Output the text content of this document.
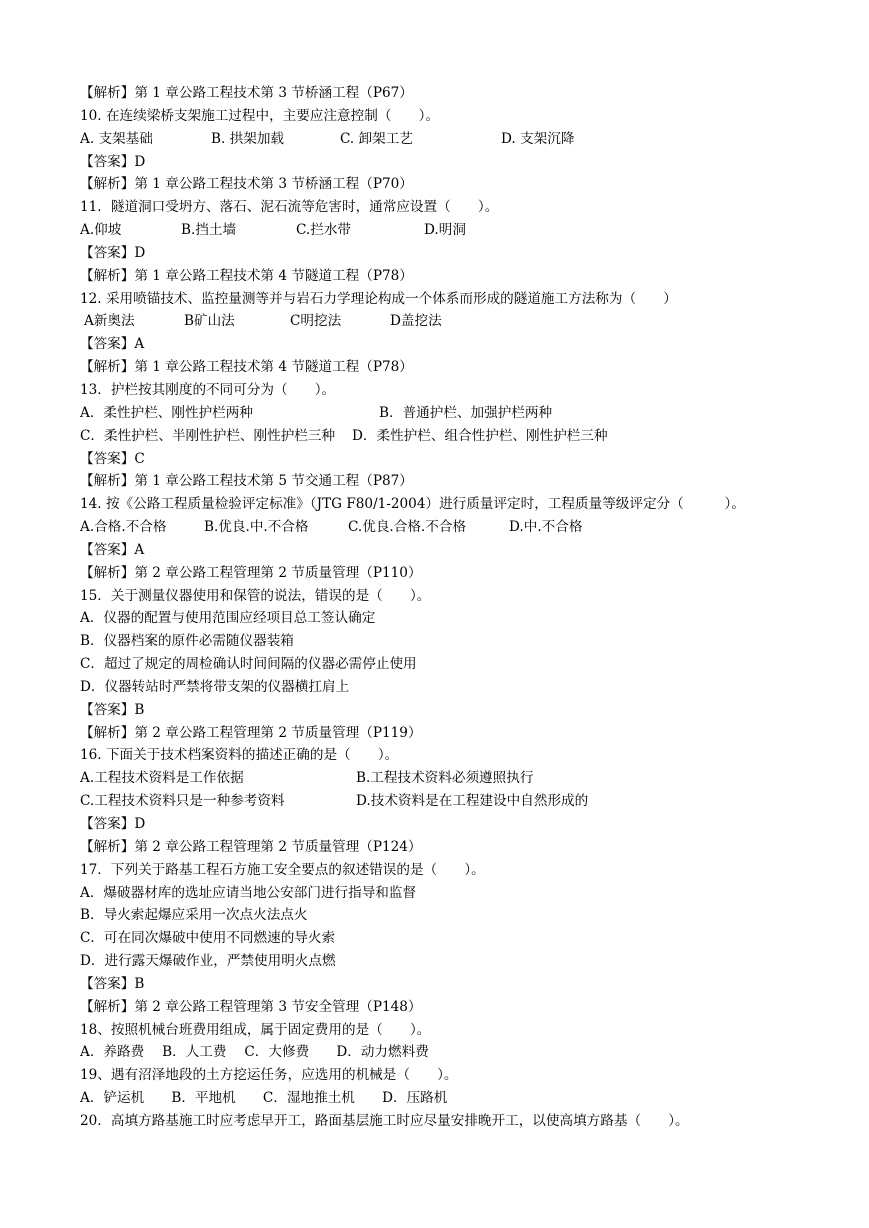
【解析】第 1 章公路工程技术第 3 节桥涵工程（P67）
10. 在连续梁桥支架施工过程中，主要应注意控制（　　）。
A. 支架基础	B. 拱架加载	C. 卸架工艺	D. 支架沉降
【答案】D
【解析】第 1 章公路工程技术第 3 节桥涵工程（P70）
11．隧道洞口受坍方、落石、泥石流等危害时，通常应设置（　　）。
A.仰坡	B.挡土墙	C.拦水带	D.明洞
【答案】D
【解析】第 1 章公路工程技术第 4 节隧道工程（P78）
12. 采用喷锚技术、监控量测等并与岩石力学理论构成一个体系而形成的隧道施工方法称为（　　）
A新奥法	B矿山法	C明挖法	D盖挖法
【答案】A
【解析】第 1 章公路工程技术第 4 节隧道工程（P78）
13．护栏按其刚度的不同可分为（　　）。
A．柔性护栏、刚性护栏两种	B．普通护栏、加强护栏两种
C．柔性护栏、半刚性护栏、刚性护栏三种 D．柔性护栏、组合性护栏、刚性护栏三种
【答案】C
【解析】第 1 章公路工程技术第 5 节交通工程（P87）
14. 按《公路工程质量检验评定标准》（JTG F80/1-2004）进行质量评定时，工程质量等级评定分（　　　）。
A.合格.不合格	B.优良.中.不合格	C.优良.合格.不合格	D.中.不合格
【答案】A
【解析】第 2 章公路工程管理第 2 节质量管理（P110）
15．关于测量仪器使用和保管的说法，错误的是（　　）。
A．仪器的配置与使用范围应经项目总工签认确定
B．仪器档案的原件必需随仪器装箱
C．超过了规定的周检确认时间间隔的仪器必需停止使用
D．仪器转站时严禁将带支架的仪器横扛肩上
【答案】B
【解析】第 2 章公路工程管理第 2 节质量管理（P119）
16. 下面关于技术档案资料的描述正确的是（　　）。
A.工程技术资料是工作依据	B.工程技术资料必须遵照执行
C.工程技术资料只是一种参考资料	D.技术资料是在工程建设中自然形成的
【答案】D
【解析】第 2 章公路工程管理第 2 节质量管理（P124）
17．下列关于路基工程石方施工安全要点的叙述错误的是（　　）。
A．爆破器材库的选址应请当地公安部门进行指导和监督
B．导火索起爆应采用一次点火法点火
C．可在同次爆破中使用不同燃速的导火索
D．进行露天爆破作业，严禁使用明火点燃
【答案】B
【解析】第 2 章公路工程管理第 3 节安全管理（P148）
18、按照机械台班费用组成，属于固定费用的是（　　）。
A．养路费　 B．人工费　 C．大修费　　D．动力燃料费
19、遇有沼泽地段的土方挖运任务，应选用的机械是（　　）。
A．铲运机　　B．平地机　　C．湿地推土机　　D．压路机
20．高填方路基施工时应考虑早开工，路面基层施工时应尽量安排晚开工，以使高填方路基（　　）。
